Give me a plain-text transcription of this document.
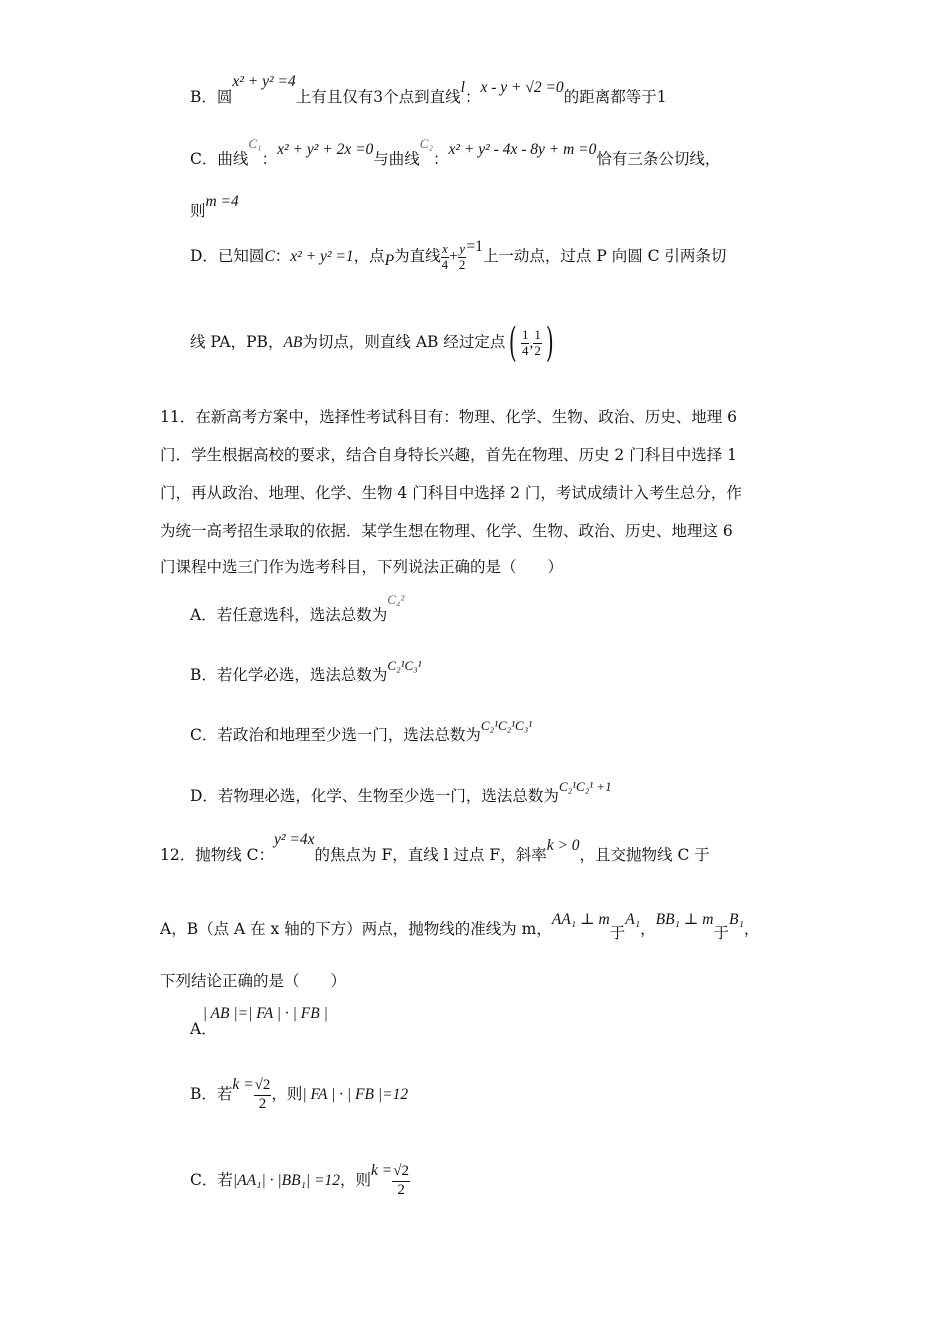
B．圆x² + y² =4上有且仅有3个点到直线l：x - y + √2 =0的距离都等于1
C．曲线$^{C_1}$：x² + y² + 2x =0与曲线$^{C_2}$：x² + y² - 4x - 8y + m =0恰有三条公切线，
则m =4
D．已知圆C：x² + y² =1，点P为直线 $\frac{x}{4} + \frac{y}{2} =1$上一动点，过点 P 向圆 C 引两条切
线 PA，PB，AB为切点，则直线 AB 经过定点( $\frac{1}{4}$ , $\frac{1}{2}$ )
11．在新高考方案中，选择性考试科目有：物理、化学、生物、政治、历史、地理 6
门．学生根据高校的要求，结合自身特长兴趣，首先在物理、历史 2 门科目中选择 1
门，再从政治、地理、化学、生物 4 门科目中选择 2 门，考试成绩计入考生总分，作
为统一高考招生录取的依据．某学生想在物理、化学、生物、政治、历史、地理这 6
门课程中选三门作为选考科目，下列说法正确的是（　　）
A．若任意选科，选法总数为$^{C_4^2}$
B．若化学必选，选法总数为$^{C_2^1C_3^1}$
C．若政治和地理至少选一门，选法总数为$^{C_2^1C_2^1C_3^1}$
D．若物理必选，化学、生物至少选一门，选法总数为$^{C_2^1C_2^1 +1}$
12．抛物线 C：y² =4x的焦点为 F，直线 l 过点 F，斜率k > 0，且交抛物线 C 于
A，B（点 A 在 x 轴的下方）两点，抛物线的准线为 m，AA₁ ⊥ m于A₁，BB₁ ⊥ m于B₁，
下列结论正确的是（　　）
A．| AB |=| FA | · | FB |
B．若$k = \frac{√2}{2}$ ，则| FA | · | FB |=12
C．若|AA₁| · |BB₁| =12，则$k = \frac{√2}{2}$
